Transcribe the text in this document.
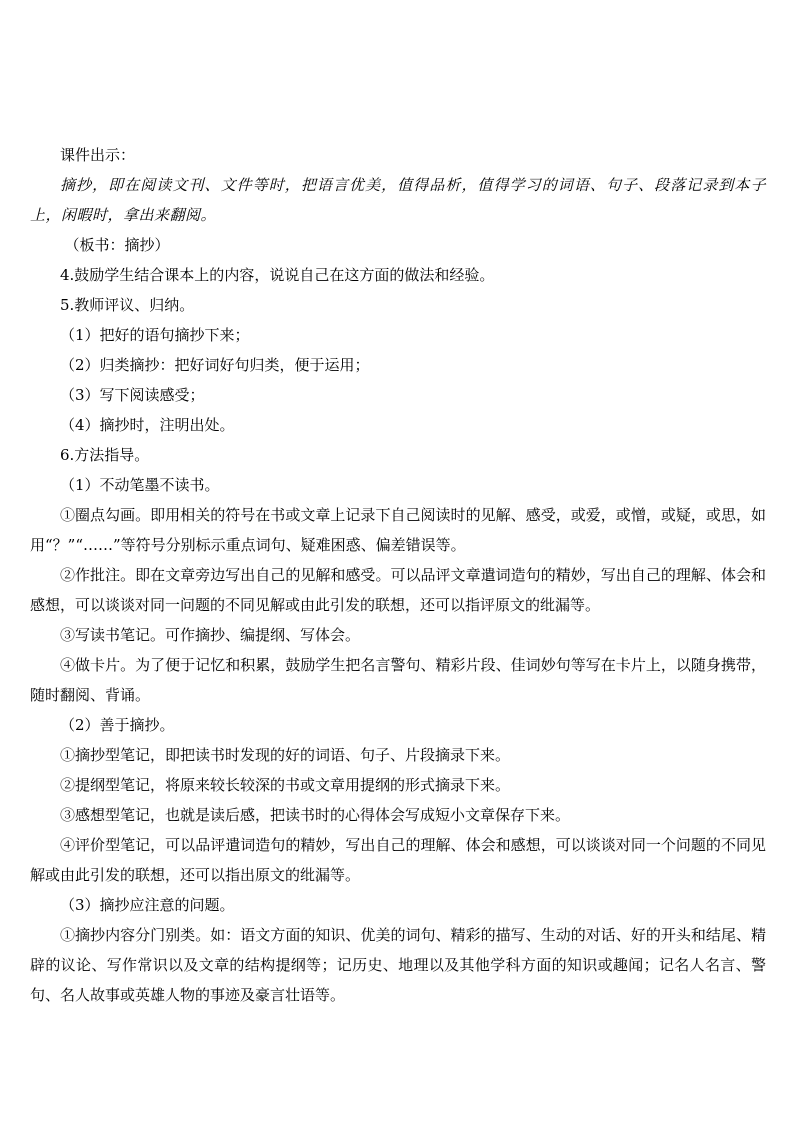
课件出示：

摘抄，即在阅读文刊、文件等时，把语言优美，值得品析，值得学习的词语、句子、段落记录到本子上，闲暇时，拿出来翻阅。

（板书：摘抄）

4.鼓励学生结合课本上的内容，说说自己在这方面的做法和经验。

5.教师评议、归纳。

（1）把好的语句摘抄下来；

（2）归类摘抄：把好词好句归类，便于运用；

（3）写下阅读感受；

（4）摘抄时，注明出处。

6.方法指导。

（1）不动笔墨不读书。

①圈点勾画。即用相关的符号在书或文章上记录下自己阅读时的见解、感受，或爱，或憎，或疑，或思，如用“？”“……”等符号分别标示重点词句、疑难困惑、偏差错误等。

②作批注。即在文章旁边写出自己的见解和感受。可以品评文章遣词造句的精妙，写出自己的理解、体会和感想，可以谈谈对同一问题的不同见解或由此引发的联想，还可以指评原文的纰漏等。

③写读书笔记。可作摘抄、编提纲、写体会。

④做卡片。为了便于记忆和积累，鼓励学生把名言警句、精彩片段、佳词妙句等写在卡片上，以随身携带，随时翻阅、背诵。

（2）善于摘抄。

①摘抄型笔记，即把读书时发现的好的词语、句子、片段摘录下来。

②提纲型笔记，将原来较长较深的书或文章用提纲的形式摘录下来。

③感想型笔记，也就是读后感，把读书时的心得体会写成短小文章保存下来。

④评价型笔记，可以品评遣词造句的精妙，写出自己的理解、体会和感想，可以谈谈对同一个问题的不同见解或由此引发的联想，还可以指出原文的纰漏等。

（3）摘抄应注意的问题。

①摘抄内容分门别类。如：语文方面的知识、优美的词句、精彩的描写、生动的对话、好的开头和结尾、精辟的议论、写作常识以及文章的结构提纲等；记历史、地理以及其他学科方面的知识或趣闻；记名人名言、警句、名人故事或英雄人物的事迹及豪言壮语等。
